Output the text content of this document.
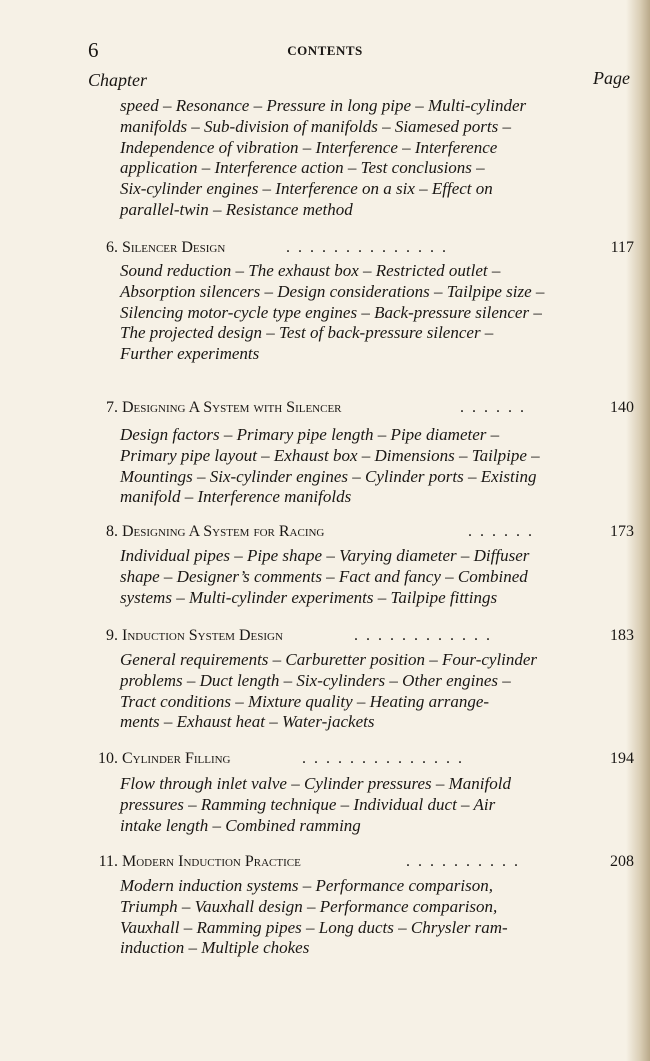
6	CONTENTS
Chapter	Page
speed – Resonance – Pressure in long pipe – Multi-cylinder
manifolds – Sub-division of manifolds – Siamesed ports –
Independence of vibration – Interference – Interference
application – Interference action – Test conclusions –
Six-cylinder engines – Interference on a six – Effect on
parallel-twin – Resistance method
6. Silencer Design	. . . . . . . . . . . . . .	117
Sound reduction – The exhaust box – Restricted outlet –
Absorption silencers – Design considerations – Tailpipe size –
Silencing motor-cycle type engines – Back-pressure silencer –
The projected design – Test of back-pressure silencer –
Further experiments
7. Designing A System with Silencer	. . . . . .	140
Design factors – Primary pipe length – Pipe diameter –
Primary pipe layout – Exhaust box – Dimensions – Tailpipe –
Mountings – Six-cylinder engines – Cylinder ports – Existing
manifold – Interference manifolds
8. Designing A System for Racing	. . . . . .	173
Individual pipes – Pipe shape – Varying diameter – Diffuser
shape – Designer’s comments – Fact and fancy – Combined
systems – Multi-cylinder experiments – Tailpipe fittings
9. Induction System Design	. . . . . . . . . . . .	183
General requirements – Carburetter position – Four-cylinder
problems – Duct length – Six-cylinders – Other engines –
Tract conditions – Mixture quality – Heating arrange-
ments – Exhaust heat – Water-jackets
10. Cylinder Filling	. . . . . . . . . . . . . .	194
Flow through inlet valve – Cylinder pressures – Manifold
pressures – Ramming technique – Individual duct – Air
intake length – Combined ramming
11. Modern Induction Practice	. . . . . . . . . .	208
Modern induction systems – Performance comparison,
Triumph – Vauxhall design – Performance comparison,
Vauxhall – Ramming pipes – Long ducts – Chrysler ram-
induction – Multiple chokes
